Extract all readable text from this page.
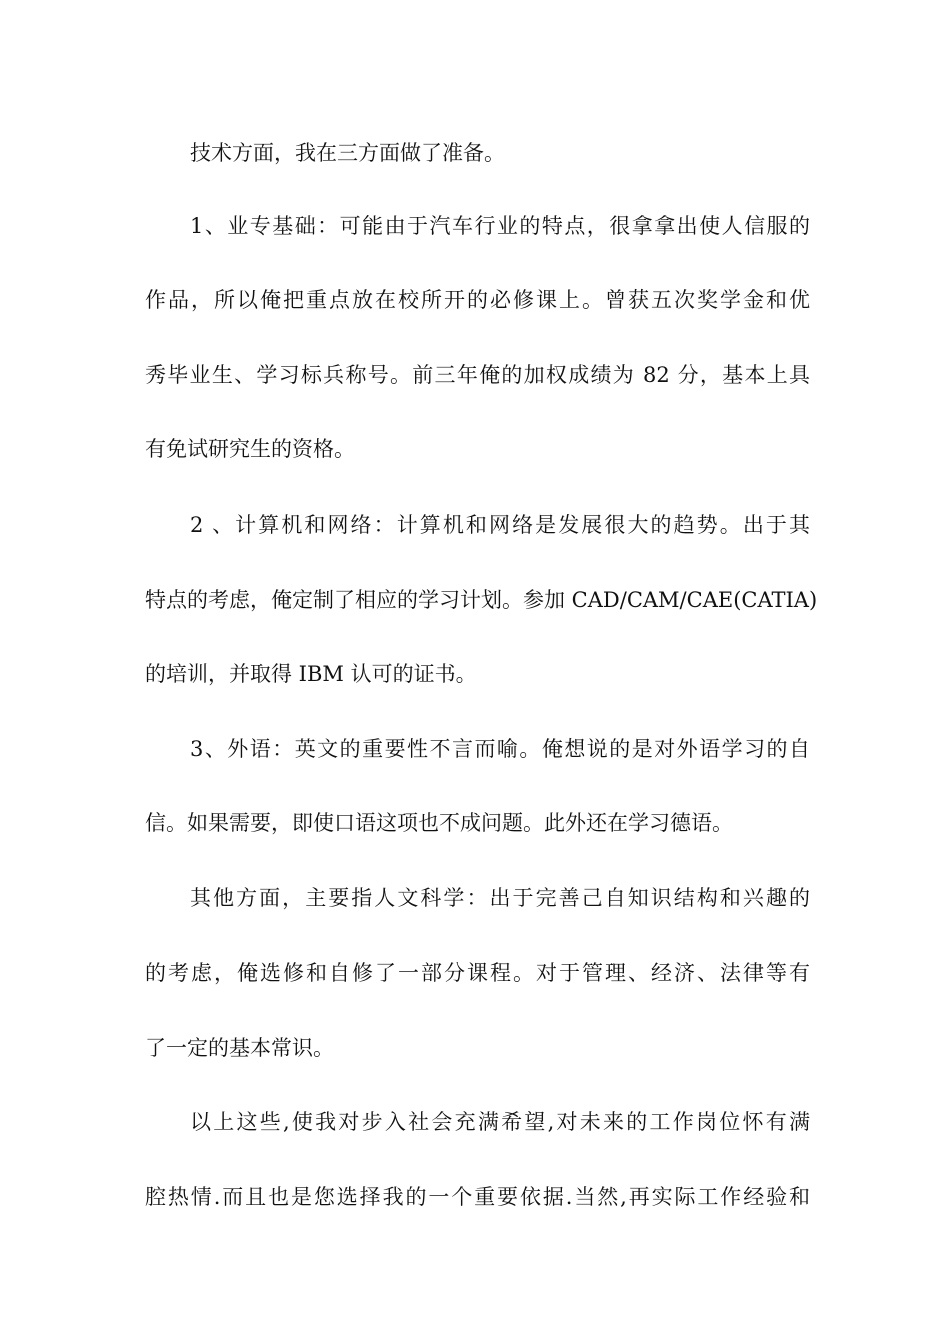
技术方面，我在三方面做了准备。
1、业专基础：可能由于汽车行业的特点，很拿拿出使人信服的
作品，所以俺把重点放在校所开的必修课上。曾获五次奖学金和优
秀毕业生、学习标兵称号。前三年俺的加权成绩为 82 分，基本上具
有免试研究生的资格。
2 、计算机和网络：计算机和网络是发展很大的趋势。出于其
特点的考虑，俺定制了相应的学习计划。参加 CAD/CAM/CAE(CATIA)
的培训，并取得 IBM 认可的证书。
3、外语：英文的重要性不言而喻。俺想说的是对外语学习的自
信。如果需要，即使口语这项也不成问题。此外还在学习德语。
其他方面，主要指人文科学：出于完善己自知识结构和兴趣的
的考虑，俺选修和自修了一部分课程。对于管理、经济、法律等有
了一定的基本常识。
以上这些,使我对步入社会充满希望,对未来的工作岗位怀有满
腔热情.而且也是您选择我的一个重要依据.当然,再实际工作经验和
